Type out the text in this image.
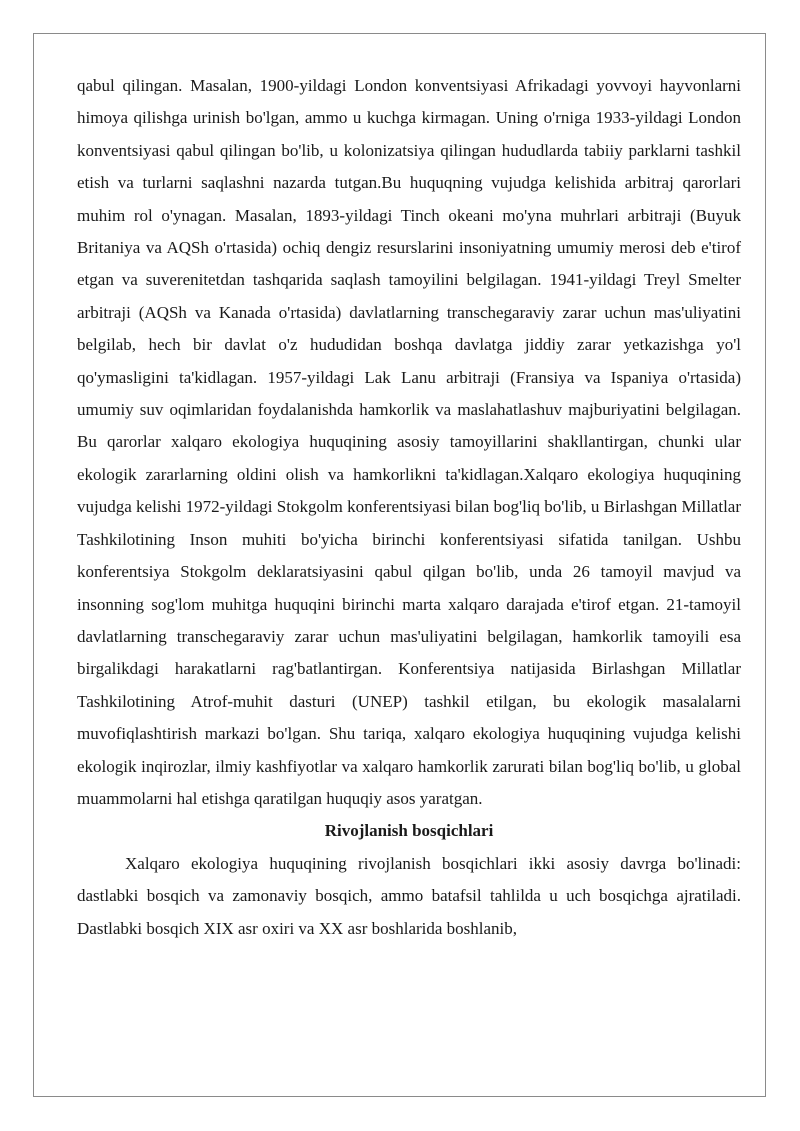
qabul qilingan. Masalan, 1900-yildagi London konventsiyasi Afrikadagi yovvoyi hayvonlarni himoya qilishga urinish bo'lgan, ammo u kuchga kirmagan. Uning o'rniga 1933-yildagi London konventsiyasi qabul qilingan bo'lib, u kolonizatsiya qilingan hududlarda tabiiy parklarni tashkil etish va turlarni saqlashni nazarda tutgan.Bu huquqning vujudga kelishida arbitraj qarorlari muhim rol o'ynagan. Masalan, 1893-yildagi Tinch okeani mo'yna muhrlari arbitraji (Buyuk Britaniya va AQSh o'rtasida) ochiq dengiz resurslarini insoniyatning umumiy merosi deb e'tirof etgan va suverenitetdan tashqarida saqlash tamoyilini belgilagan. 1941-yildagi Treyl Smelter arbitraji (AQSh va Kanada o'rtasida) davlatlarning transchegaraviy zarar uchun mas'uliyatini belgilab, hech bir davlat o'z hududidan boshqa davlatga jiddiy zarar yetkazishga yo'l qo'ymasligini ta'kidlagan. 1957-yildagi Lak Lanu arbitraji (Fransiya va Ispaniya o'rtasida) umumiy suv oqimlaridan foydalanishda hamkorlik va maslahatlashuv majburiyatini belgilagan. Bu qarorlar xalqaro ekologiya huquqining asosiy tamoyillarini shakllantirgan, chunki ular ekologik zararlarning oldini olish va hamkorlikni ta'kidlagan.Xalqaro ekologiya huquqining vujudga kelishi 1972-yildagi Stokgolm konferentsiyasi bilan bog'liq bo'lib, u Birlashgan Millatlar Tashkilotining Inson muhiti bo'yicha birinchi konferentsiyasi sifatida tanilgan. Ushbu konferentsiya Stokgolm deklaratsiyasini qabul qilgan bo'lib, unda 26 tamoyil mavjud va insonning sog'lom muhitga huquqini birinchi marta xalqaro darajada e'tirof etgan. 21-tamoyil davlatlarning transchegaraviy zarar uchun mas'uliyatini belgilagan, hamkorlik tamoyili esa birgalikdagi harakatlarni rag'batlantirgan. Konferentsiya natijasida Birlashgan Millatlar Tashkilotining Atrof-muhit dasturi (UNEP) tashkil etilgan, bu ekologik masalalarni muvofiqlashtirish markazi bo'lgan. Shu tariqa, xalqaro ekologiya huquqining vujudga kelishi ekologik inqirozlar, ilmiy kashfiyotlar va xalqaro hamkorlik zarurati bilan bog'liq bo'lib, u global muammolarni hal etishga qaratilgan huquqiy asos yaratgan.

Rivojlanish bosqichlari

Xalqaro ekologiya huquqining rivojlanish bosqichlari ikki asosiy davrga bo'linadi: dastlabki bosqich va zamonaviy bosqich, ammo batafsil tahlilda u uch bosqichga ajratiladi. Dastlabki bosqich XIX asr oxiri va XX asr boshlarida boshlanib,
